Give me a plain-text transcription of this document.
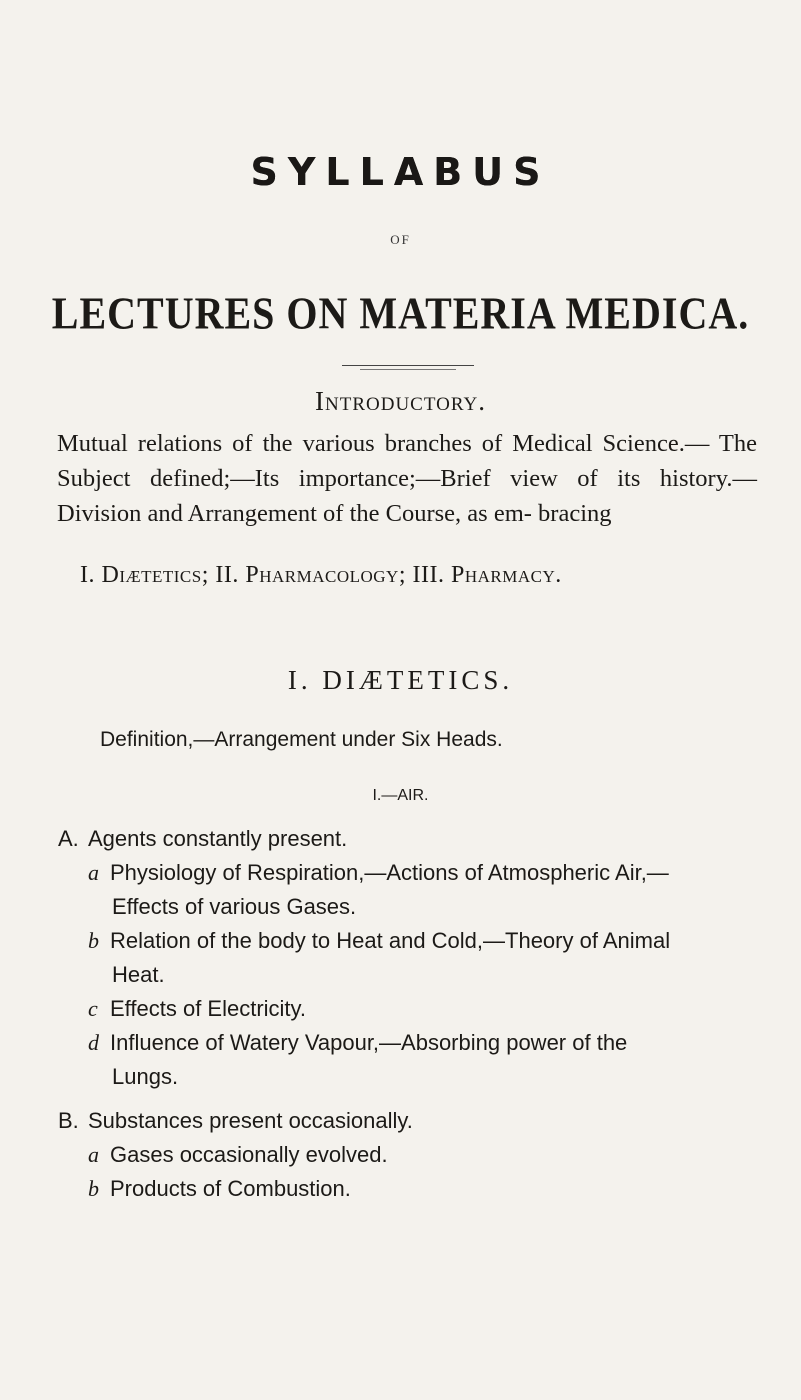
SYLLABUS
OF
LECTURES ON MATERIA MEDICA.
Introductory.
Mutual relations of the various branches of Medical Science.— The Subject defined;—Its importance;—Brief view of its history.—Division and Arrangement of the Course, as em- bracing
I. Diætetics; II. Pharmacology; III. Pharmacy.
I. DIÆTETICS.
Definition,—Arrangement under Six Heads.
I.—AIR.
A. Agents constantly present.
a Physiology of Respiration,—Actions of Atmospheric Air,—
Effects of various Gases.
b Relation of the body to Heat and Cold,—Theory of Animal
Heat.
c Effects of Electricity.
d Influence of Watery Vapour,—Absorbing power of the
Lungs.
B. Substances present occasionally.
a Gases occasionally evolved.
b Products of Combustion.
